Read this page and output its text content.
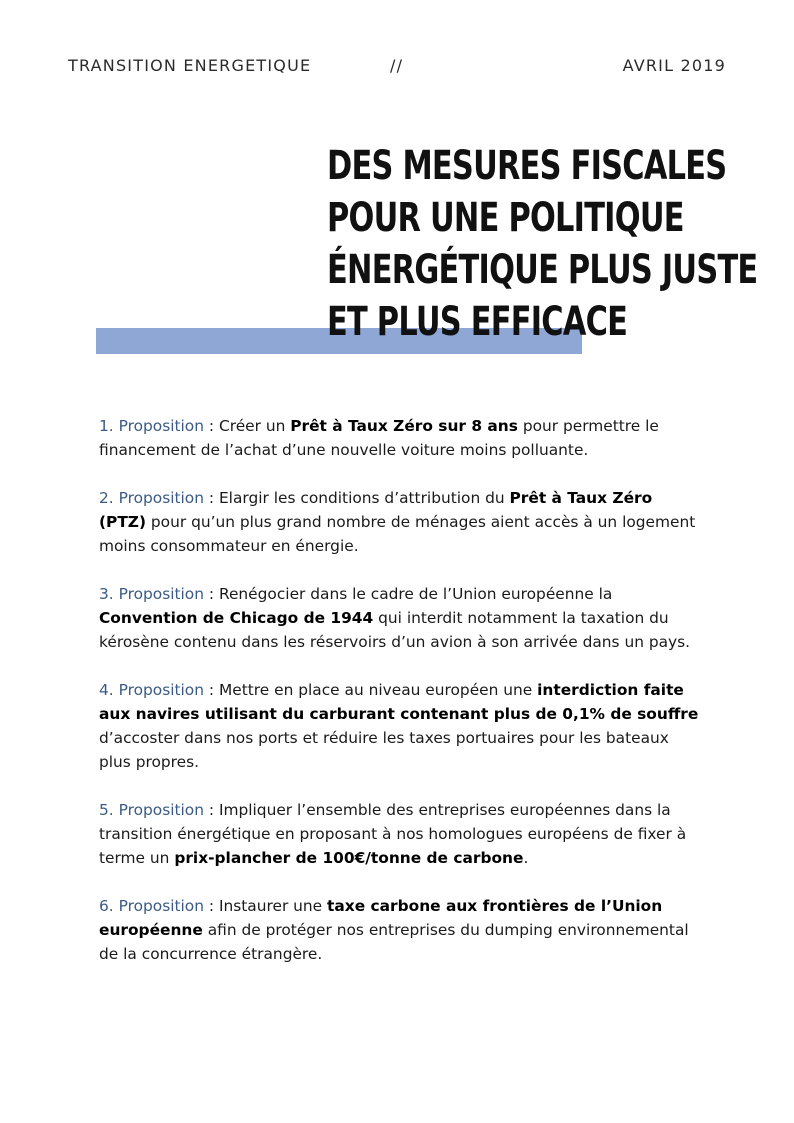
TRANSITION ENERGETIQUE	//	AVRIL 2019
DES MESURES FISCALES
POUR UNE POLITIQUE
ÉNERGÉTIQUE PLUS JUSTE
ET PLUS EFFICACE

1. Proposition : Créer un Prêt à Taux Zéro sur 8 ans pour permettre le financement de l’achat d’une nouvelle voiture moins polluante.

2. Proposition : Elargir les conditions d’attribution du Prêt à Taux Zéro (PTZ) pour qu’un plus grand nombre de ménages aient accès à un logement moins consommateur en énergie.

3. Proposition : Renégocier dans le cadre de l’Union européenne la Convention de Chicago de 1944 qui interdit notamment la taxation du kérosène contenu dans les réservoirs d’un avion à son arrivée dans un pays.

4. Proposition : Mettre en place au niveau européen une interdiction faite aux navires utilisant du carburant contenant plus de 0,1% de souffre d’accoster dans nos ports et réduire les taxes portuaires pour les bateaux plus propres.

5. Proposition : Impliquer l’ensemble des entreprises européennes dans la transition énergétique en proposant à nos homologues européens de fixer à terme un prix-plancher de 100€/tonne de carbone.

6. Proposition : Instaurer une taxe carbone aux frontières de l’Union européenne afin de protéger nos entreprises du dumping environnemental de la concurrence étrangère.
